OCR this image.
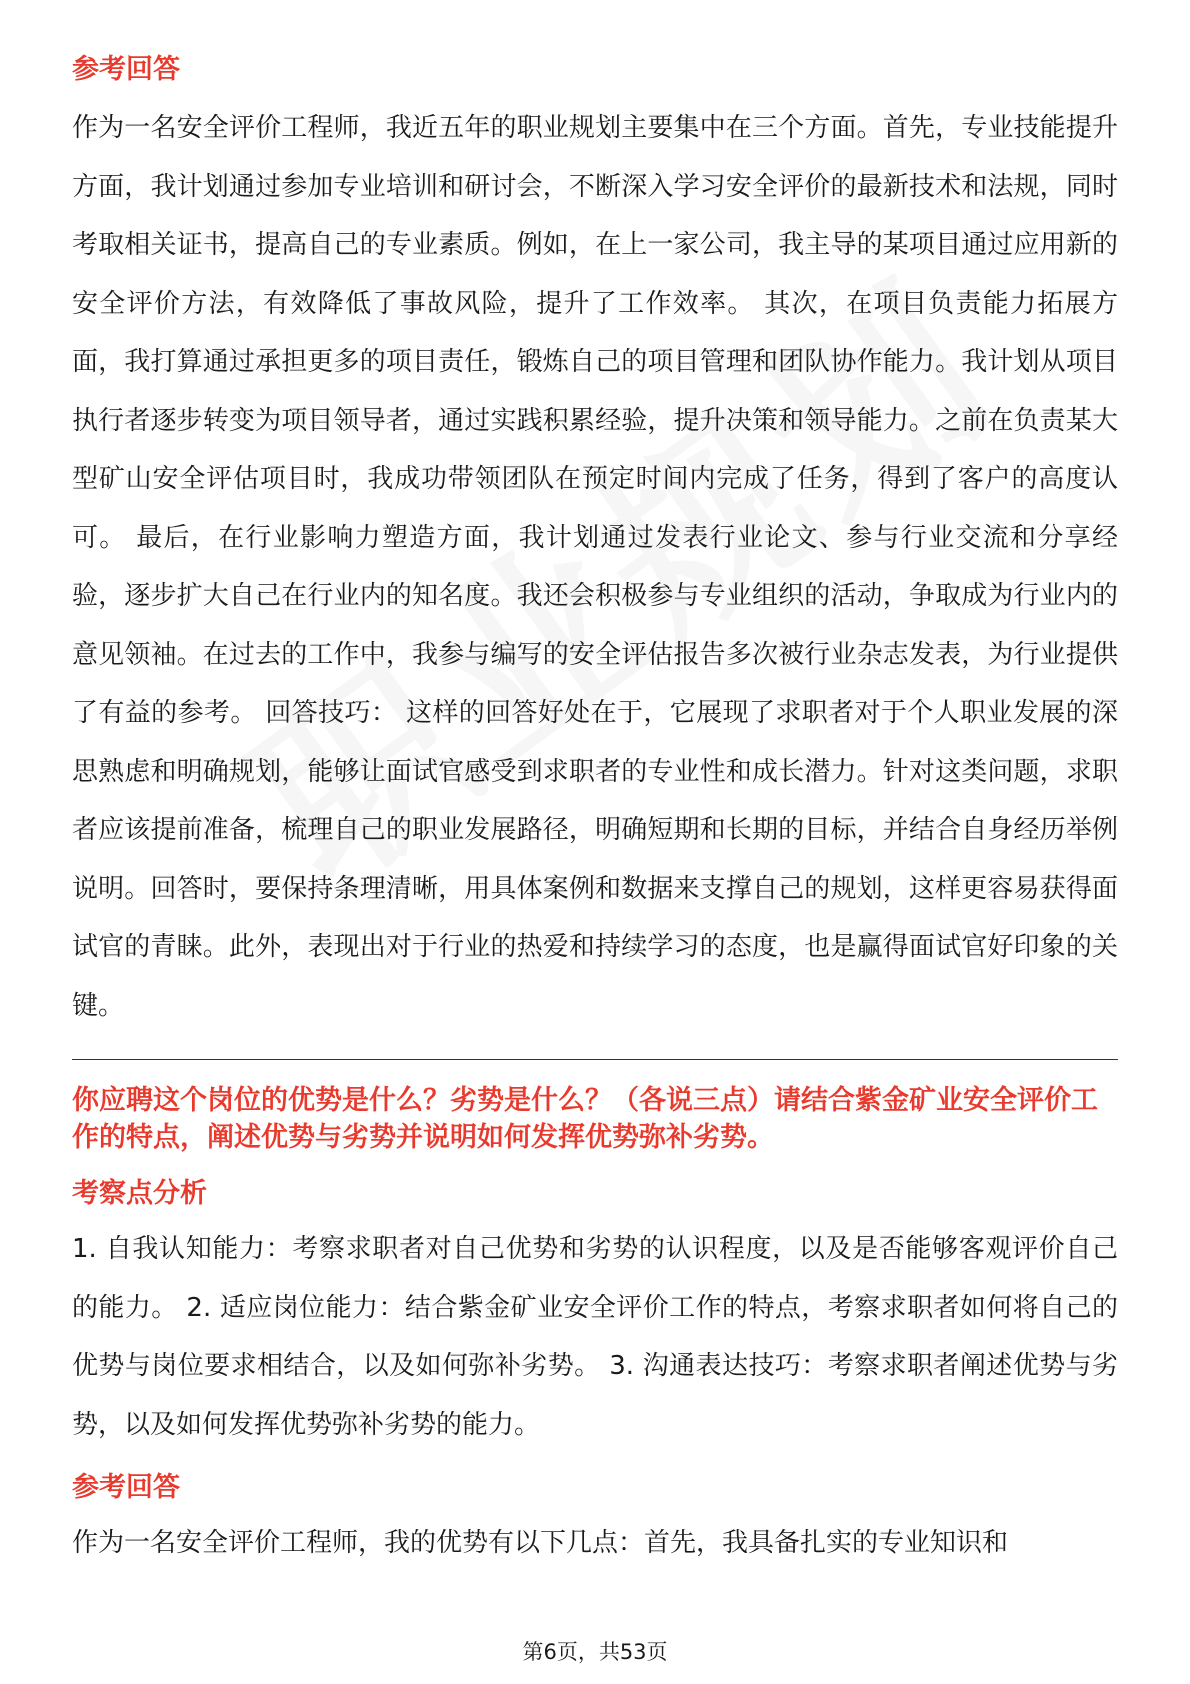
参考回答

作为一名安全评价工程师，我近五年的职业规划主要集中在三个方面。首先，专业技能提升方面，我计划通过参加专业培训和研讨会，不断深入学习安全评价的最新技术和法规，同时考取相关证书，提高自己的专业素质。例如，在上一家公司，我主导的某项目通过应用新的安全评价方法，有效降低了事故风险，提升了工作效率。 其次，在项目负责能力拓展方面，我打算通过承担更多的项目责任，锻炼自己的项目管理和团队协作能力。我计划从项目执行者逐步转变为项目领导者，通过实践积累经验，提升决策和领导能力。之前在负责某大型矿山安全评估项目时，我成功带领团队在预定时间内完成了任务，得到了客户的高度认可。 最后，在行业影响力塑造方面，我计划通过发表行业论文、参与行业交流和分享经验，逐步扩大自己在行业内的知名度。我还会积极参与专业组织的活动，争取成为行业内的意见领袖。在过去的工作中，我参与编写的安全评估报告多次被行业杂志发表，为行业提供了有益的参考。 回答技巧： 这样的回答好处在于，它展现了求职者对于个人职业发展的深思熟虑和明确规划，能够让面试官感受到求职者的专业性和成长潜力。针对这类问题，求职者应该提前准备，梳理自己的职业发展路径，明确短期和长期的目标，并结合自身经历举例说明。回答时，要保持条理清晰，用具体案例和数据来支撑自己的规划，这样更容易获得面试官的青睐。此外，表现出对于行业的热爱和持续学习的态度，也是赢得面试官好印象的关键。

你应聘这个岗位的优势是什么？劣势是什么？（各说三点）请结合紫金矿业安全评价工作的特点，阐述优势与劣势并说明如何发挥优势弥补劣势。

考察点分析

1. 自我认知能力：考察求职者对自己优势和劣势的认识程度，以及是否能够客观评价自己的能力。 2. 适应岗位能力：结合紫金矿业安全评价工作的特点，考察求职者如何将自己的优势与岗位要求相结合，以及如何弥补劣势。 3. 沟通表达技巧：考察求职者阐述优势与劣势，以及如何发挥优势弥补劣势的能力。

参考回答

作为一名安全评价工程师，我的优势有以下几点：首先，我具备扎实的专业知识和

第6页，共53页
